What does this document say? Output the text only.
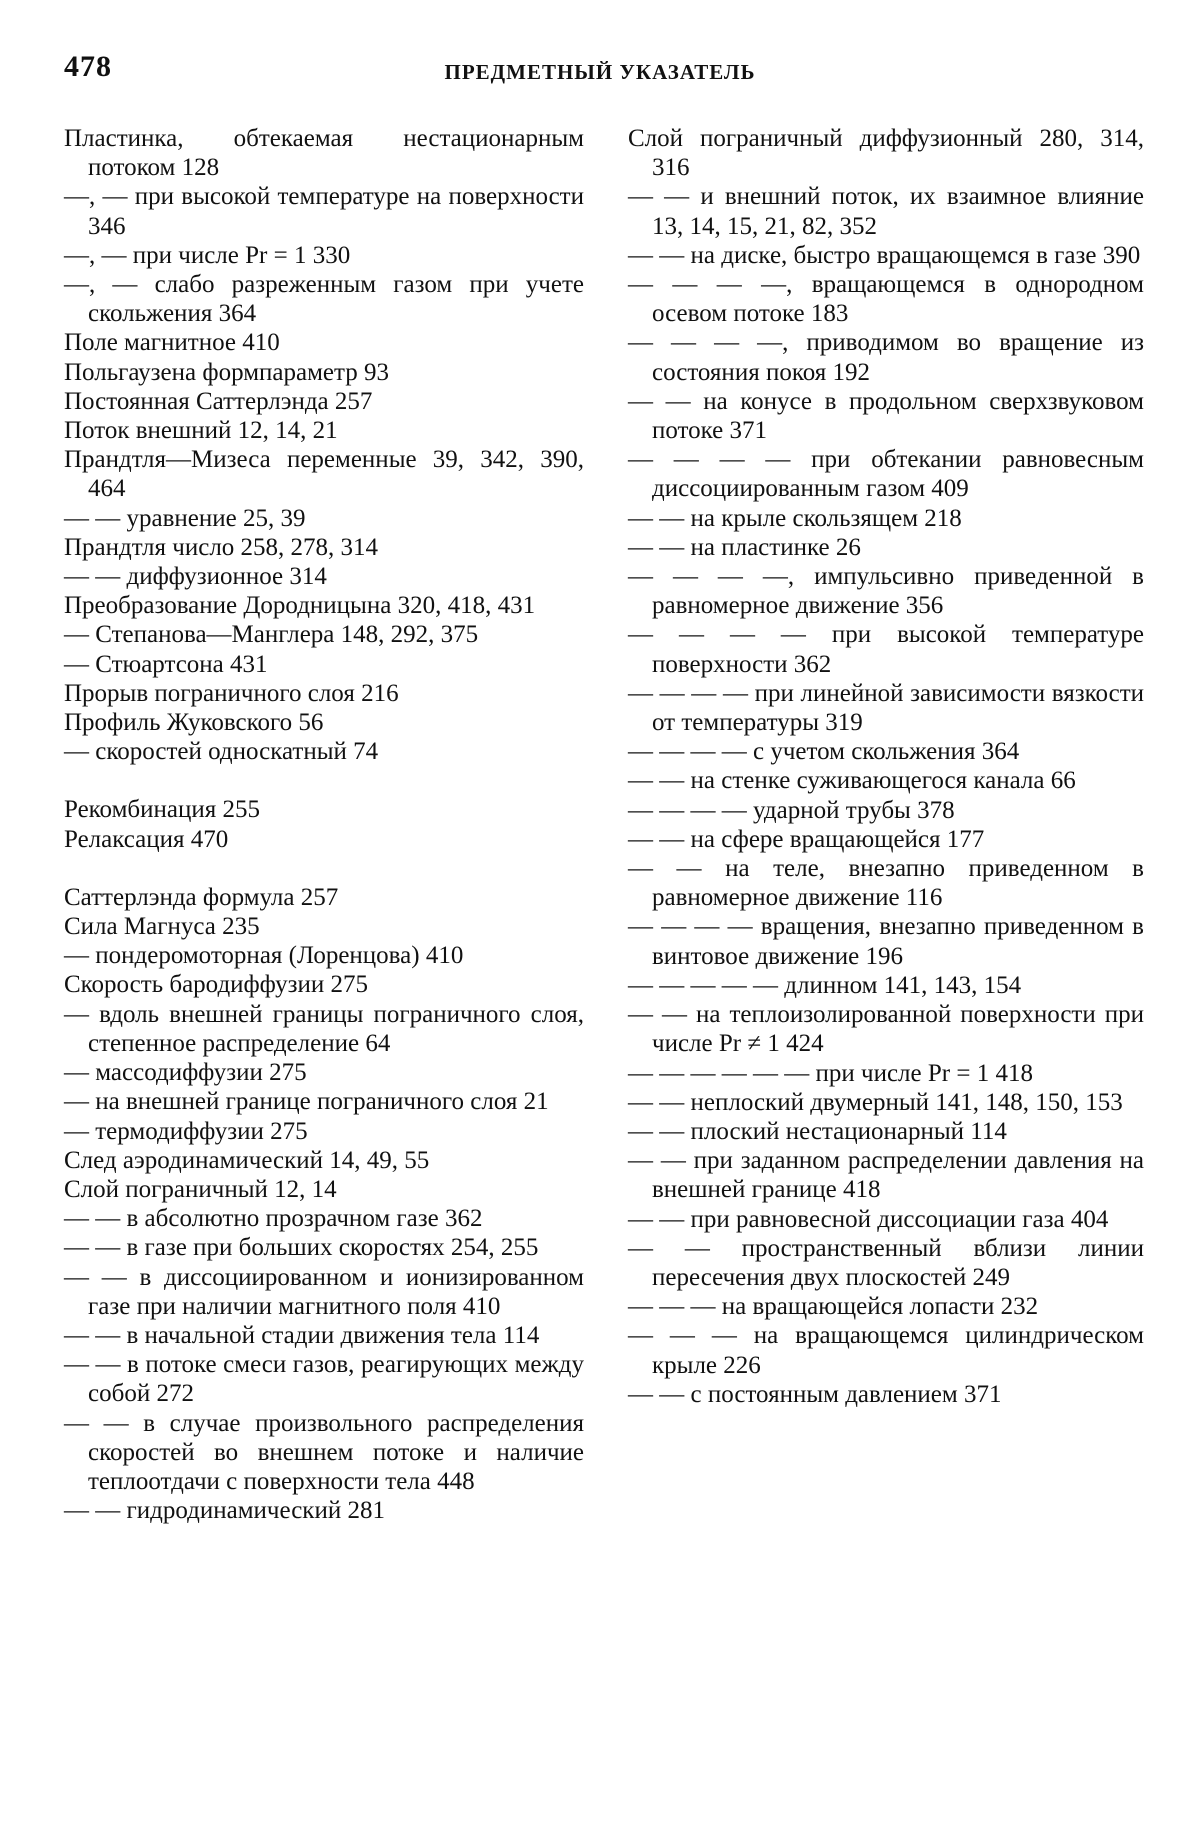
478	ПРЕДМЕТНЫЙ УКАЗАТЕЛЬ
Пластинка, обтекаемая нестационарным потоком 128
—, — при высокой температуре на поверхности 346
—, — при числе Pr = 1 330
—, — слабо разреженным газом при учете скольжения 364
Поле магнитное 410
Польгаузена формпараметр 93
Постоянная Саттерлэнда 257
Поток внешний 12, 14, 21
Прандтля—Мизеса переменные 39, 342, 390, 464
— — уравнение 25, 39
Прандтля число 258, 278, 314
— — диффузионное 314
Преобразование Дородницына 320, 418, 431
— Степанова—Манглера 148, 292, 375
— Стюартсона 431
Прорыв пограничного слоя 216
Профиль Жуковского 56
— скоростей односкатный 74
Рекомбинация 255
Релаксация 470
Саттерлэнда формула 257
Сила Магнуса 235
— пондеромоторная (Лоренцова) 410
Скорость бародиффузии 275
— вдоль внешней границы пограничного слоя, степенное распределение 64
— массодиффузии 275
— на внешней границе пограничного слоя 21
— термодиффузии 275
След аэродинамический 14, 49, 55
Слой пограничный 12, 14
— — в абсолютно прозрачном газе 362
— — в газе при больших скоростях 254, 255
— — в диссоциированном и ионизированном газе при наличии магнитного поля 410
— — в начальной стадии движения тела 114
— — в потоке смеси газов, реагирующих между собой 272
— — в случае произвольного распределения скоростей во внешнем потоке и наличие теплоотдачи с поверхности тела 448
— — гидродинамический 281
Слой пограничный диффузионный 280, 314, 316
— — и внешний поток, их взаимное влияние 13, 14, 15, 21, 82, 352
— — на диске, быстро вращающемся в газе 390
— — — —, вращающемся в однородном осевом потоке 183
— — — —, приводимом во вращение из состояния покоя 192
— — на конусе в продольном сверхзвуковом потоке 371
— — — — при обтекании равновесным диссоциированным газом 409
— — на крыле скользящем 218
— — на пластинке 26
— — — —, импульсивно приведенной в равномерное движение 356
— — — — при высокой температуре поверхности 362
— — — — при линейной зависимости вязкости от температуры 319
— — — — с учетом скольжения 364
— — на стенке суживающегося канала 66
— — — — ударной трубы 378
— — на сфере вращающейся 177
— — на теле, внезапно приведенном в равномерное движение 116
— — — — вращения, внезапно приведенном в винтовое движение 196
— — — — — длинном 141, 143, 154
— — на теплоизолированной поверхности при числе Pr ≠ 1 424
— — — — — — при числе Pr = 1 418
— — неплоский двумерный 141, 148, 150, 153
— — плоский нестационарный 114
— — при заданном распределении давления на внешней границе 418
— — при равновесной диссоциации газа 404
— — пространственный вблизи линии пересечения двух плоскостей 249
— — — на вращающейся лопасти 232
— — — на вращающемся цилиндрическом крыле 226
— — с постоянным давлением 371
